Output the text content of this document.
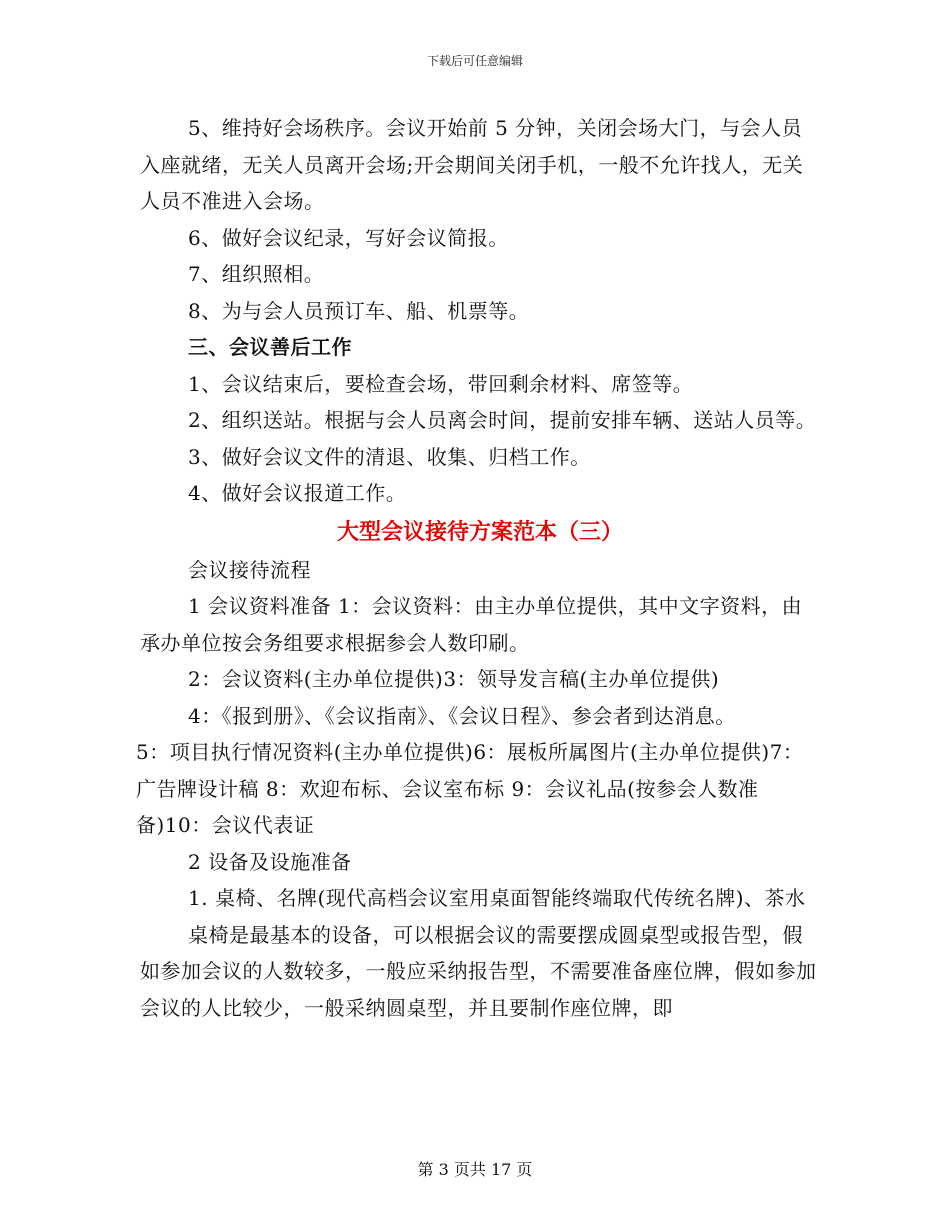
下载后可任意编辑

5、维持好会场秩序。会议开始前 5 分钟，关闭会场大门，与会人员入座就绪，无关人员离开会场;开会期间关闭手机，一般不允许找人，无关人员不准进入会场。

6、做好会议纪录，写好会议简报。

7、组织照相。

8、为与会人员预订车、船、机票等。

三、会议善后工作

1、会议结束后，要检查会场，带回剩余材料、席签等。

2、组织送站。根据与会人员离会时间，提前安排车辆、送站人员等。

3、做好会议文件的清退、收集、归档工作。

4、做好会议报道工作。

大型会议接待方案范本（三）

会议接待流程

1 会议资料准备 1：会议资料：由主办单位提供，其中文字资料，由承办单位按会务组要求根据参会人数印刷。

2：会议资料(主办单位提供)3：领导发言稿(主办单位提供)

4：《报到册》、《会议指南》、《会议日程》、参会者到达消息。

5：项目执行情况资料(主办单位提供)6：展板所属图片(主办单位提供)7：广告牌设计稿 8：欢迎布标、会议室布标 9：会议礼品(按参会人数准备)10：会议代表证

2 设备及设施准备

1. 桌椅、名牌(现代高档会议室用桌面智能终端取代传统名牌)、茶水

桌椅是最基本的设备，可以根据会议的需要摆成圆桌型或报告型，假如参加会议的人数较多，一般应采纳报告型，不需要准备座位牌，假如参加会议的人比较少，一般采纳圆桌型，并且要制作座位牌，即

第 3 页共 17 页
